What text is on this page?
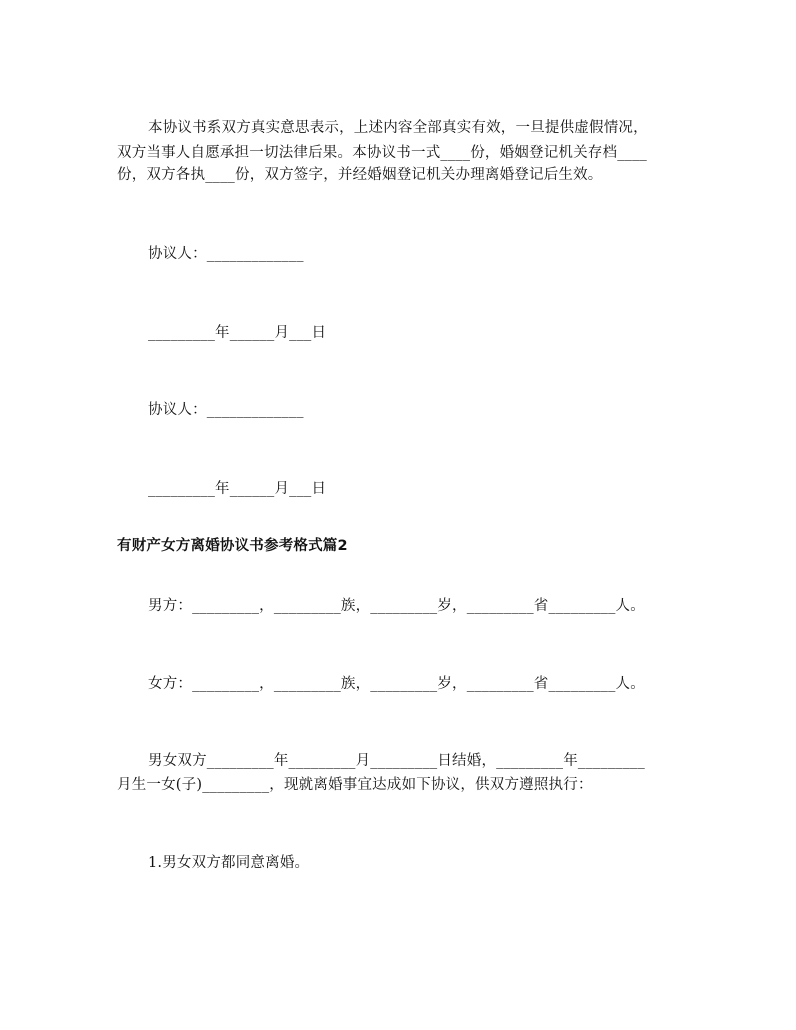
本协议书系双方真实意思表示，上述内容全部真实有效，一旦提供虚假情况，
双方当事人自愿承担一切法律后果。本协议书一式____份，婚姻登记机关存档____
份，双方各执____份，双方签字，并经婚姻登记机关办理离婚登记后生效。
协议人：_____________
_________年______月___日
协议人：_____________
_________年______月___日
有财产女方离婚协议书参考格式篇2
男方：_________，_________族，_________岁，_________省_________人。
女方：_________，_________族，_________岁，_________省_________人。
男女双方_________年_________月_________日结婚，_________年_________
月生一女(子)_________，现就离婚事宜达成如下协议，供双方遵照执行：
1.男女双方都同意离婚。
